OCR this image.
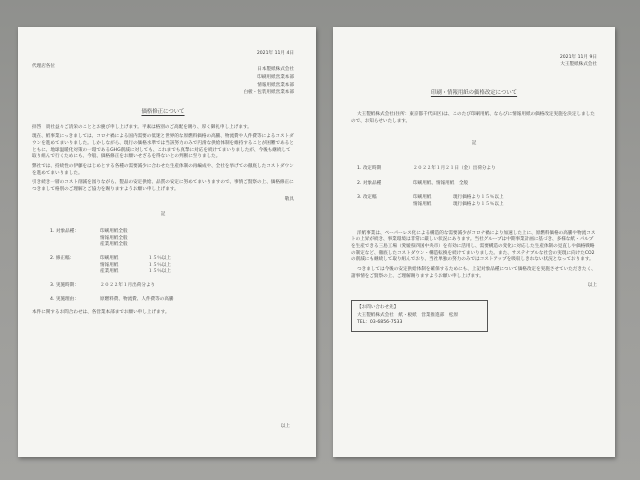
2021年 11月 4日
代理店各位
日本製紙株式会社
印刷用紙営業本部
情報用紙営業本部
白板・包装用紙営業本部
価格修正について

拝啓　貴社益々ご清栄のこととお慶び申し上げます。平素は格別のご高配を賜り、厚く御礼申し上げます。

現在、紙事業にっきましては、コロナ禍による国内需要の低迷と世界的な原燃料価格の高騰、物流費や人件費等によるコストダウンを進めてまいりました。しかしながら、現行の価格水準では当該努力のみで円滑な供給体制を維持することが困難であるとともに、地球温暖化対策の一環であるGHG削減に対しても、これまでも真摯に対応を続けてまいりましたが、今後も継続して取り組んで行くためにも、今般、価格修正をお願いせざるを得ないとの判断に至りました。

弊社では、持続性の伊藤をはじめとする各種の需要減少に合わせた生産体制の再編成や、全社を挙げての徹底したコストダウンを進めてまいりました。

引き続き一層のコスト削減を図りながら、製品の安定供給、品質の安定に努めてまいりますので、事情ご賢察の上、価格修正につきまして格別のご理解とご協力を賜りますようお願い申し上げます。

敬具
記
1. 対象品種：	印刷用紙全般
情報用紙全般
産業用紙全般
2. 修正幅：	印刷用紙	１５％以上
情報用紙	１５％以上
産業用紙	１５％以上
3. 実施時期：	２０２２年１月出荷分より
4. 実施理由：	原燃料費、物流費、人件費等の高騰
本件に関するお問合わせは、各営業本部までお願い申し上げます。
以上
2021年 11月 9日
大王製紙株式会社
印刷・情報用紙の価格改定について

大王製紙株式会社(住所：東京都千代田区)は、このたび印刷用紙、ならびに情報用紙の価格改定実施を決定しましたので、お知らせいたします。

記
1. 改定時期	２０２２年１月２１日（金）出荷分より
2. 対象品種	印刷用紙、情報用紙　全般
3. 改定幅	印刷用紙	現行価格より１５％以上
情報用紙	現行価格より１５％以上

洋紙事業は、ペーパーレス化による構造的な需要減少がコロナ禍により加速した上に、原燃料価格の高騰や物流コストの上昇が続き、事業環境は非常に厳しい状況にあります。当社グループは中期事業計画に基づき、多様な紙・パルプを生産できる三島工場（愛媛県四国中央市）を有効に活用し、需要構造の変化に対応した生産体制の見直しや価格戦略の制定など、徹底したコストダウン・構造転換を続けてまいりました。また、サステナブルな社会の実現に向けたCO2の削減にも継続して取り組んでおり、当社単独の努力のみではコストアップを吸収しきれない状況となっております。

つきましては今後の安定供給体制を確保するためにも、上記対象品種について価格改定を実施させていただきたく、諸事情をご賢察の上、ご理解賜りますようお願い申し上げます。

以上
【お問い合わせ先】
大王製紙株式会社　紙・板紙　営業推進部　松原
TEL：03-6856-7533
